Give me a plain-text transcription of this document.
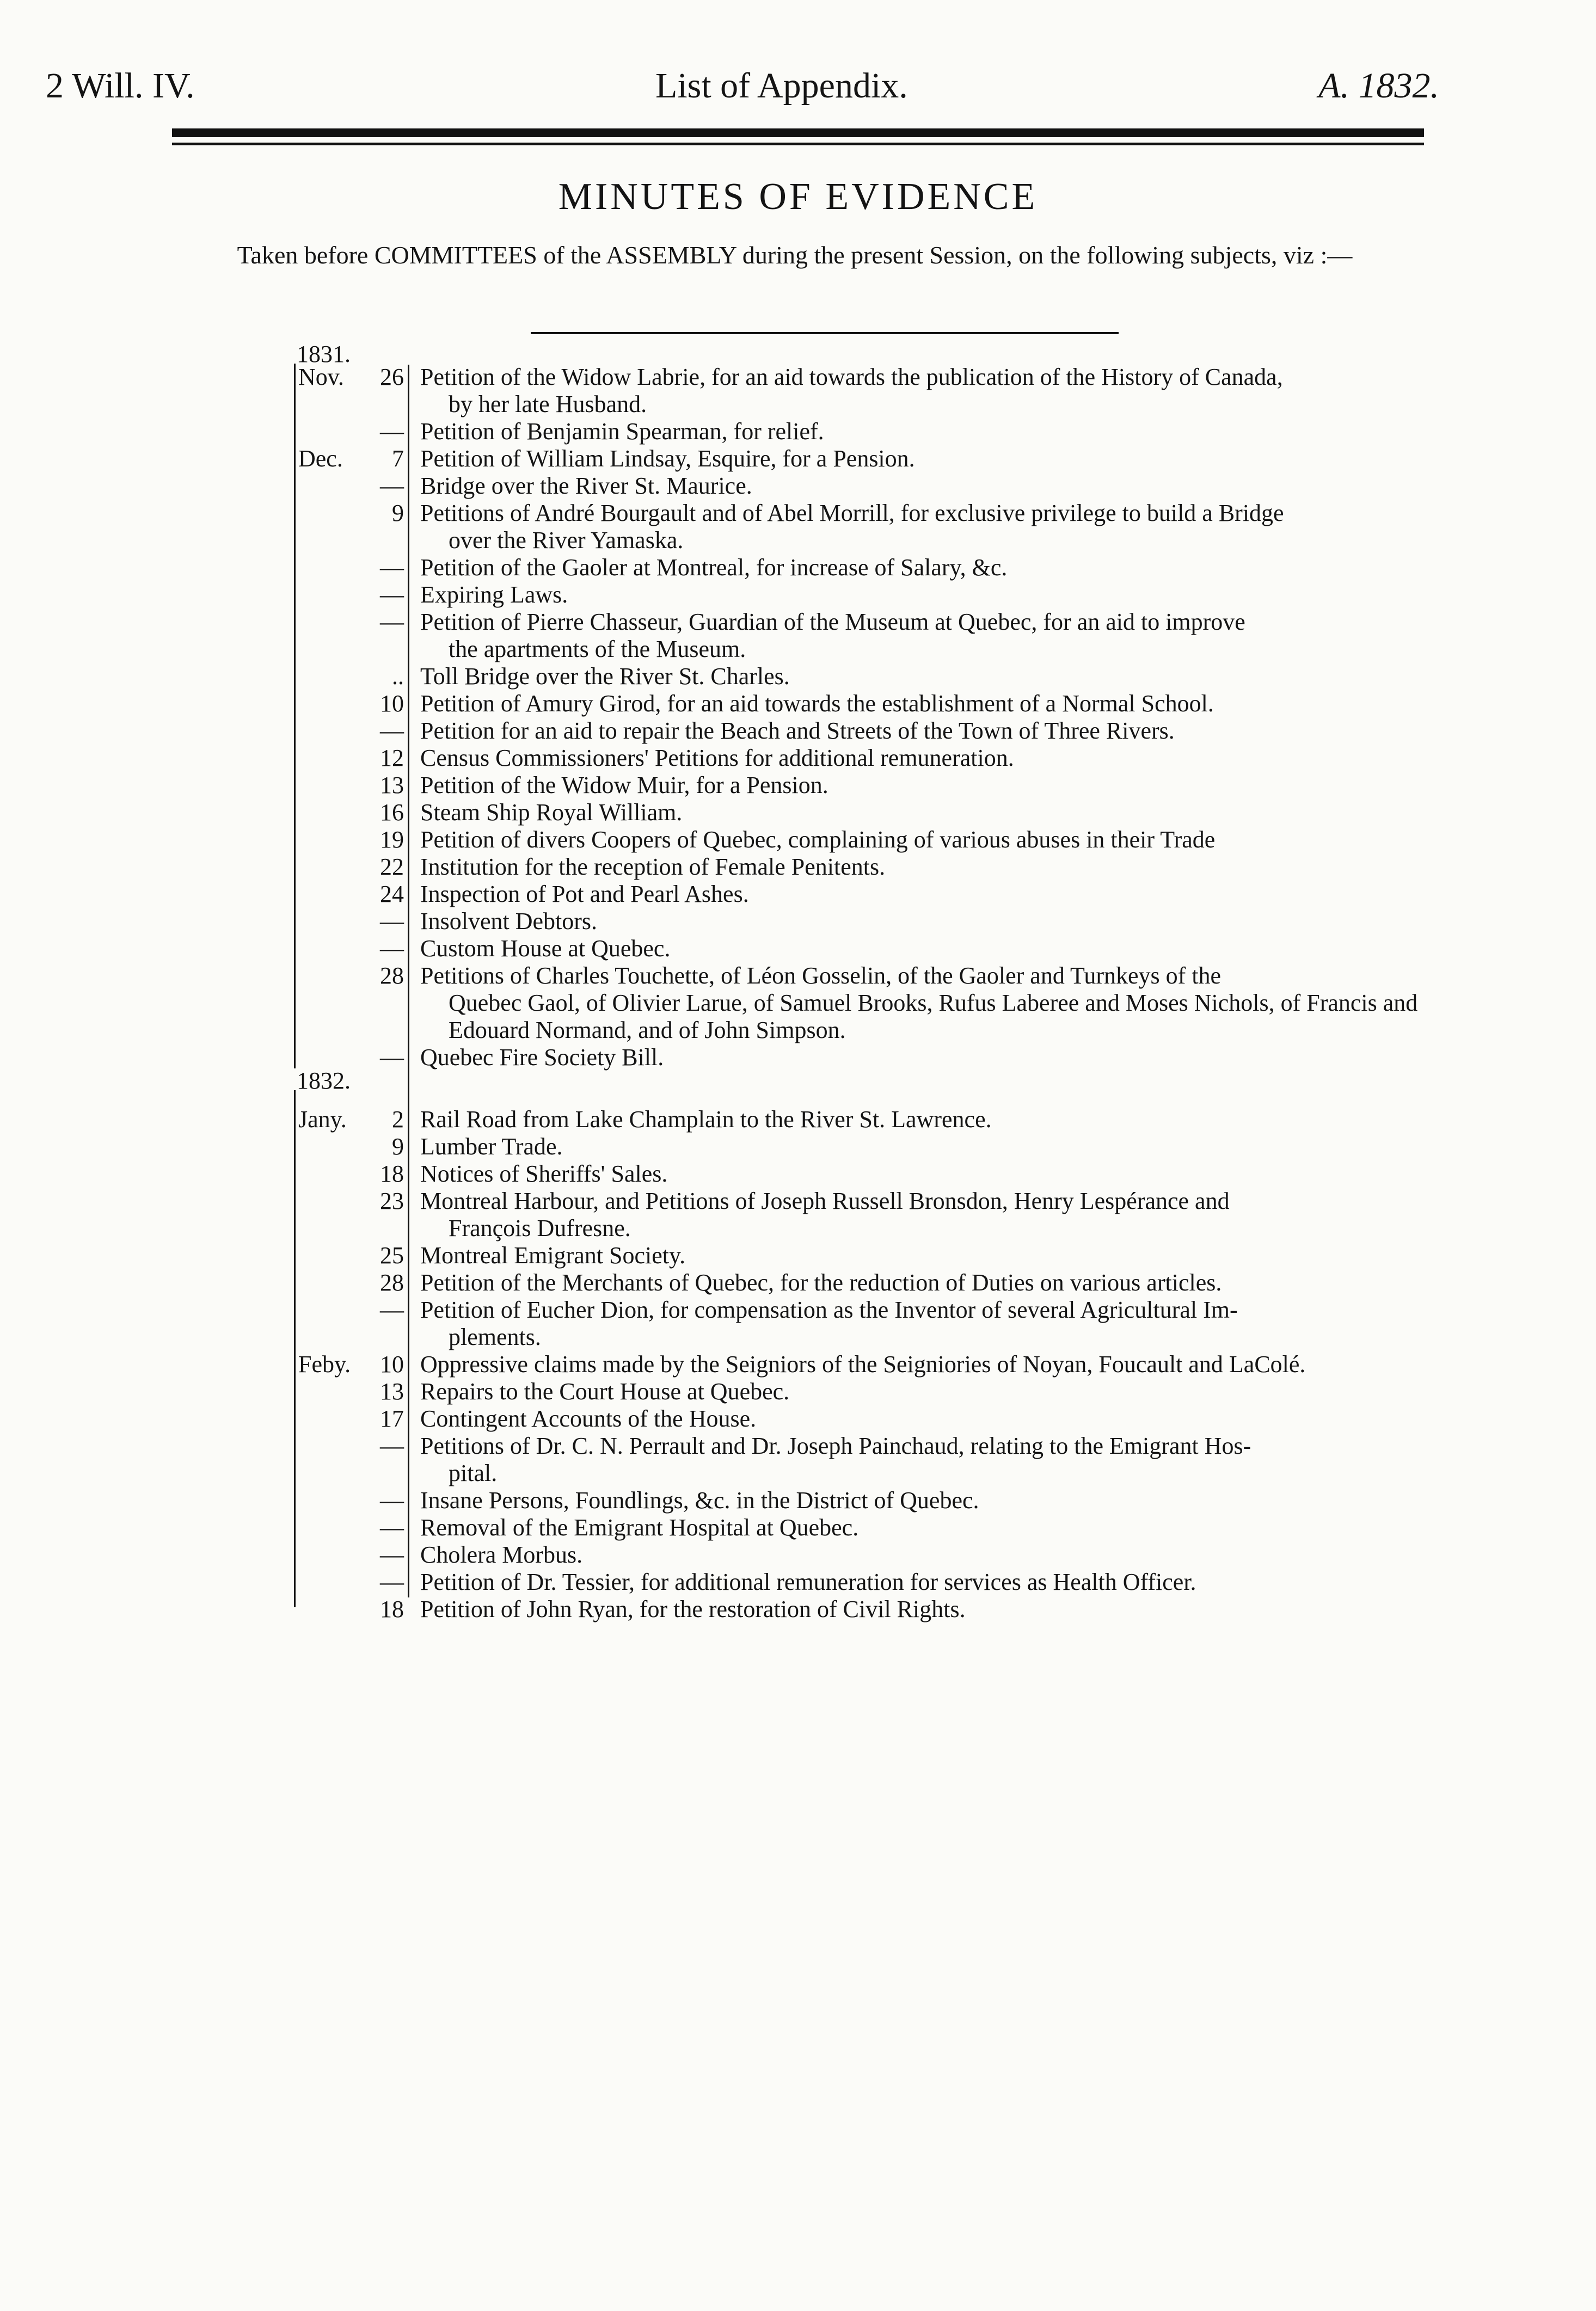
2 Will. IV.	List of Appendix.	A. 1832.
MINUTES OF EVIDENCE
Taken before COMMITTEES of the ASSEMBLY during the present Session, on the following subjects, viz :—
1831.
1832.
Nov. 26 Petition of the Widow Labrie, for an aid towards the publication of the History of Canada,
by her late Husband.
— Petition of Benjamin Spearman, for relief.
Dec. 7 Petition of William Lindsay, Esquire, for a Pension.
— Bridge over the River St. Maurice.
9 Petitions of André Bourgault and of Abel Morrill, for exclusive privilege to build a Bridge
over the River Yamaska.
— Petition of the Gaoler at Montreal, for increase of Salary, &c.
— Expiring Laws.
— Petition of Pierre Chasseur, Guardian of the Museum at Quebec, for an aid to improve
the apartments of the Museum.
.. Toll Bridge over the River St. Charles.
10 Petition of Amury Girod, for an aid towards the establishment of a Normal School.
— Petition for an aid to repair the Beach and Streets of the Town of Three Rivers.
12 Census Commissioners' Petitions for additional remuneration.
13 Petition of the Widow Muir, for a Pension.
16 Steam Ship Royal William.
19 Petition of divers Coopers of Quebec, complaining of various abuses in their Trade
22 Institution for the reception of Female Penitents.
24 Inspection of Pot and Pearl Ashes.
— Insolvent Debtors.
— Custom House at Quebec.
28 Petitions of Charles Touchette, of Léon Gosselin, of the Gaoler and Turnkeys of the
Quebec Gaol, of Olivier Larue, of Samuel Brooks, Rufus Laberee and Moses Nichols, of Francis and Edouard Normand, and of John Simpson.
— Quebec Fire Society Bill.
Jany. 2 Rail Road from Lake Champlain to the River St. Lawrence.
9 Lumber Trade.
18 Notices of Sheriffs' Sales.
23 Montreal Harbour, and Petitions of Joseph Russell Bronsdon, Henry Lespérance and
François Dufresne.
25 Montreal Emigrant Society.
28 Petition of the Merchants of Quebec, for the reduction of Duties on various articles.
— Petition of Eucher Dion, for compensation as the Inventor of several Agricultural Im-
plements.
Feby. 10 Oppressive claims made by the Seigniors of the Seigniories of Noyan, Foucault and LaColé.
13 Repairs to the Court House at Quebec.
17 Contingent Accounts of the House.
— Petitions of Dr. C. N. Perrault and Dr. Joseph Painchaud, relating to the Emigrant Hos-
pital.
— Insane Persons, Foundlings, &c. in the District of Quebec.
— Removal of the Emigrant Hospital at Quebec.
— Cholera Morbus.
— Petition of Dr. Tessier, for additional remuneration for services as Health Officer.
18 Petition of John Ryan, for the restoration of Civil Rights.
